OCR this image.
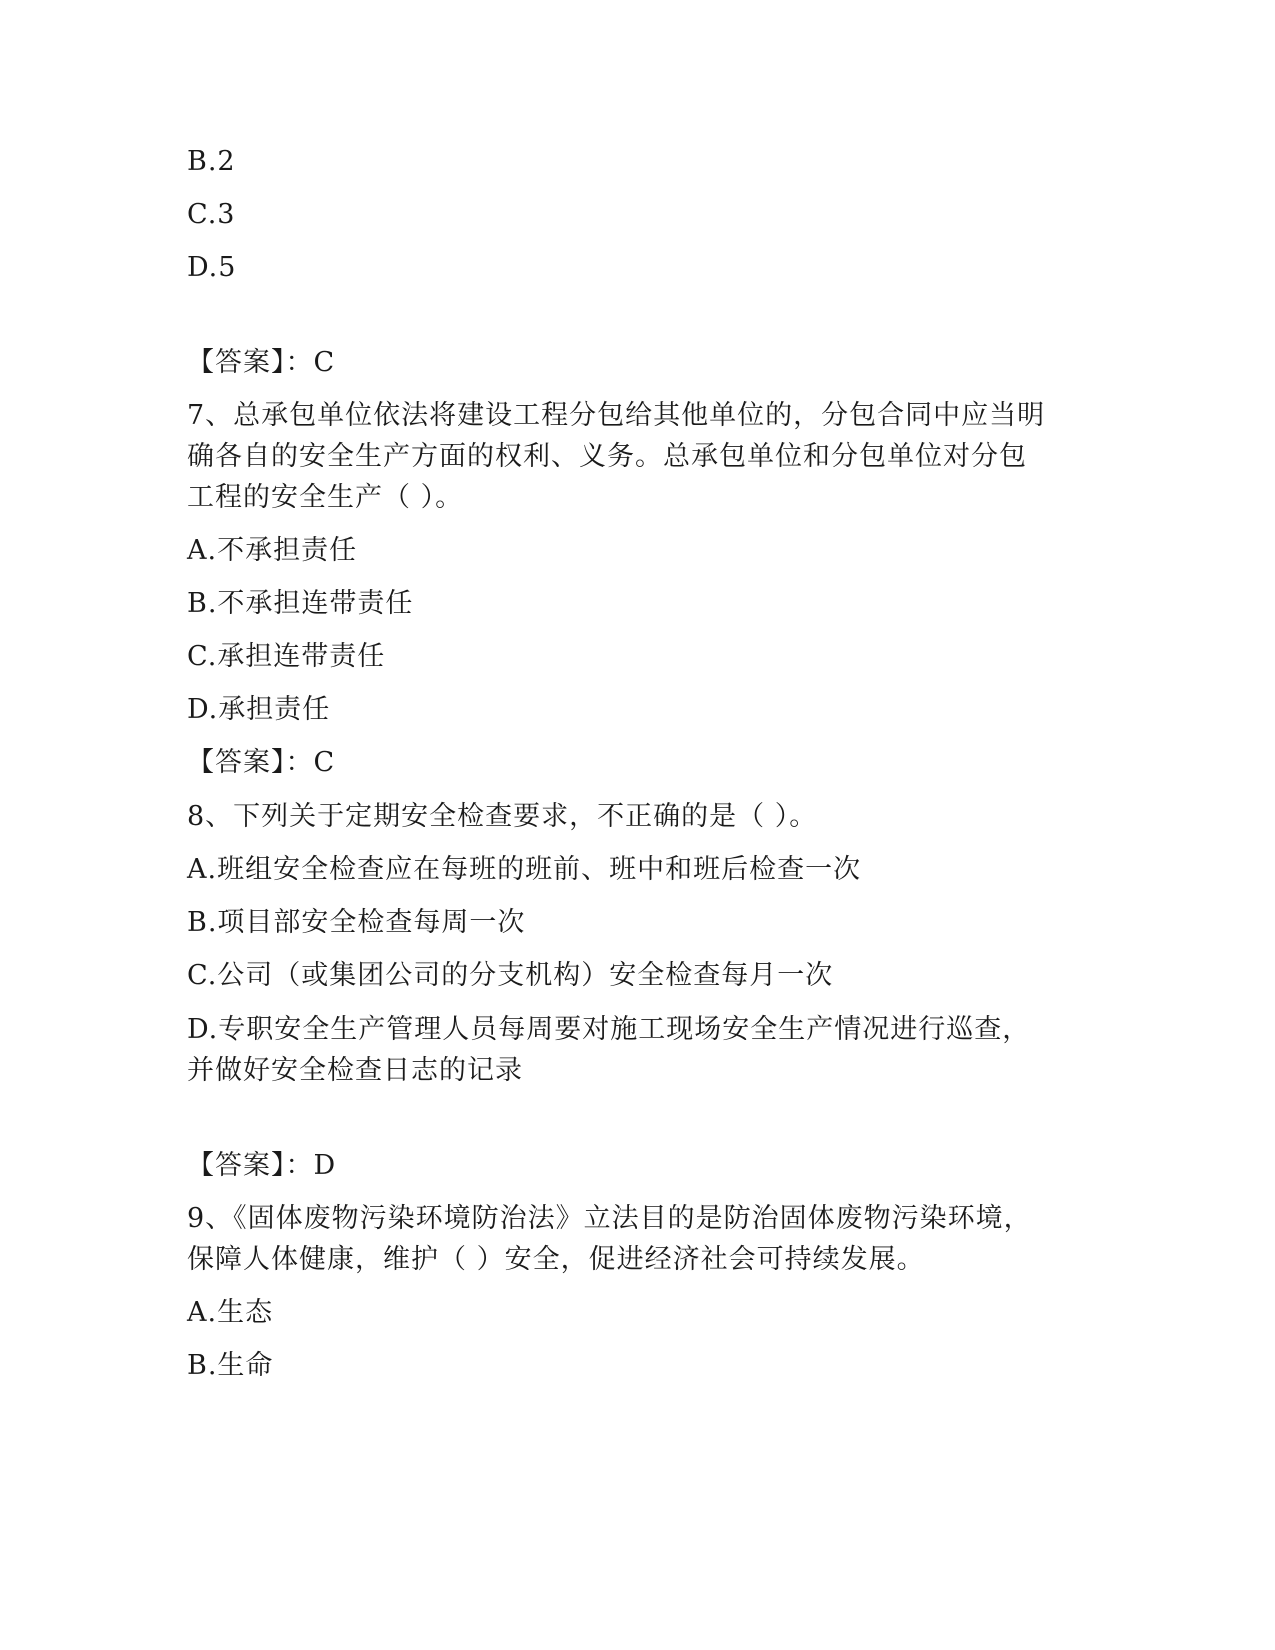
B.2
C.3
D.5
【答案】：C
7、总承包单位依法将建设工程分包给其他单位的，分包合同中应当明
确各自的安全生产方面的权利、义务。总承包单位和分包单位对分包
工程的安全生产（ ）。
A.不承担责任
B.不承担连带责任
C.承担连带责任
D.承担责任
【答案】：C
8、下列关于定期安全检查要求，不正确的是（ ）。
A.班组安全检查应在每班的班前、班中和班后检查一次
B.项目部安全检查每周一次
C.公司（或集团公司的分支机构）安全检查每月一次
D.专职安全生产管理人员每周要对施工现场安全生产情况进行巡查，
并做好安全检查日志的记录
【答案】：D
9、《固体废物污染环境防治法》立法目的是防治固体废物污染环境，
保障人体健康，维护（ ）安全，促进经济社会可持续发展。
A.生态
B.生命
